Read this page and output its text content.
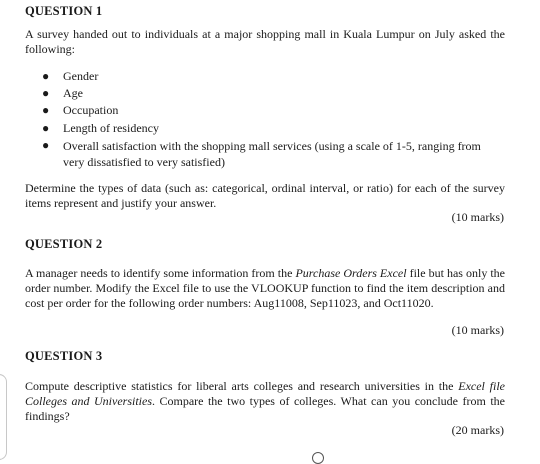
QUESTION 1

A survey handed out to individuals at a major shopping mall in Kuala Lumpur on July asked the following:

● Gender
● Age
● Occupation
● Length of residency
● Overall satisfaction with the shopping mall services (using a scale of 1-5, ranging from very dissatisfied to very satisfied)

Determine the types of data (such as: categorical, ordinal interval, or ratio) for each of the survey items represent and justify your answer.

(10 marks)

QUESTION 2

A manager needs to identify some information from the Purchase Orders Excel file but has only the order number. Modify the Excel file to use the VLOOKUP function to find the item description and cost per order for the following order numbers: Aug11008, Sep11023, and Oct11020.

(10 marks)

QUESTION 3

Compute descriptive statistics for liberal arts colleges and research universities in the Excel file Colleges and Universities. Compare the two types of colleges. What can you conclude from the findings?

(20 marks)
